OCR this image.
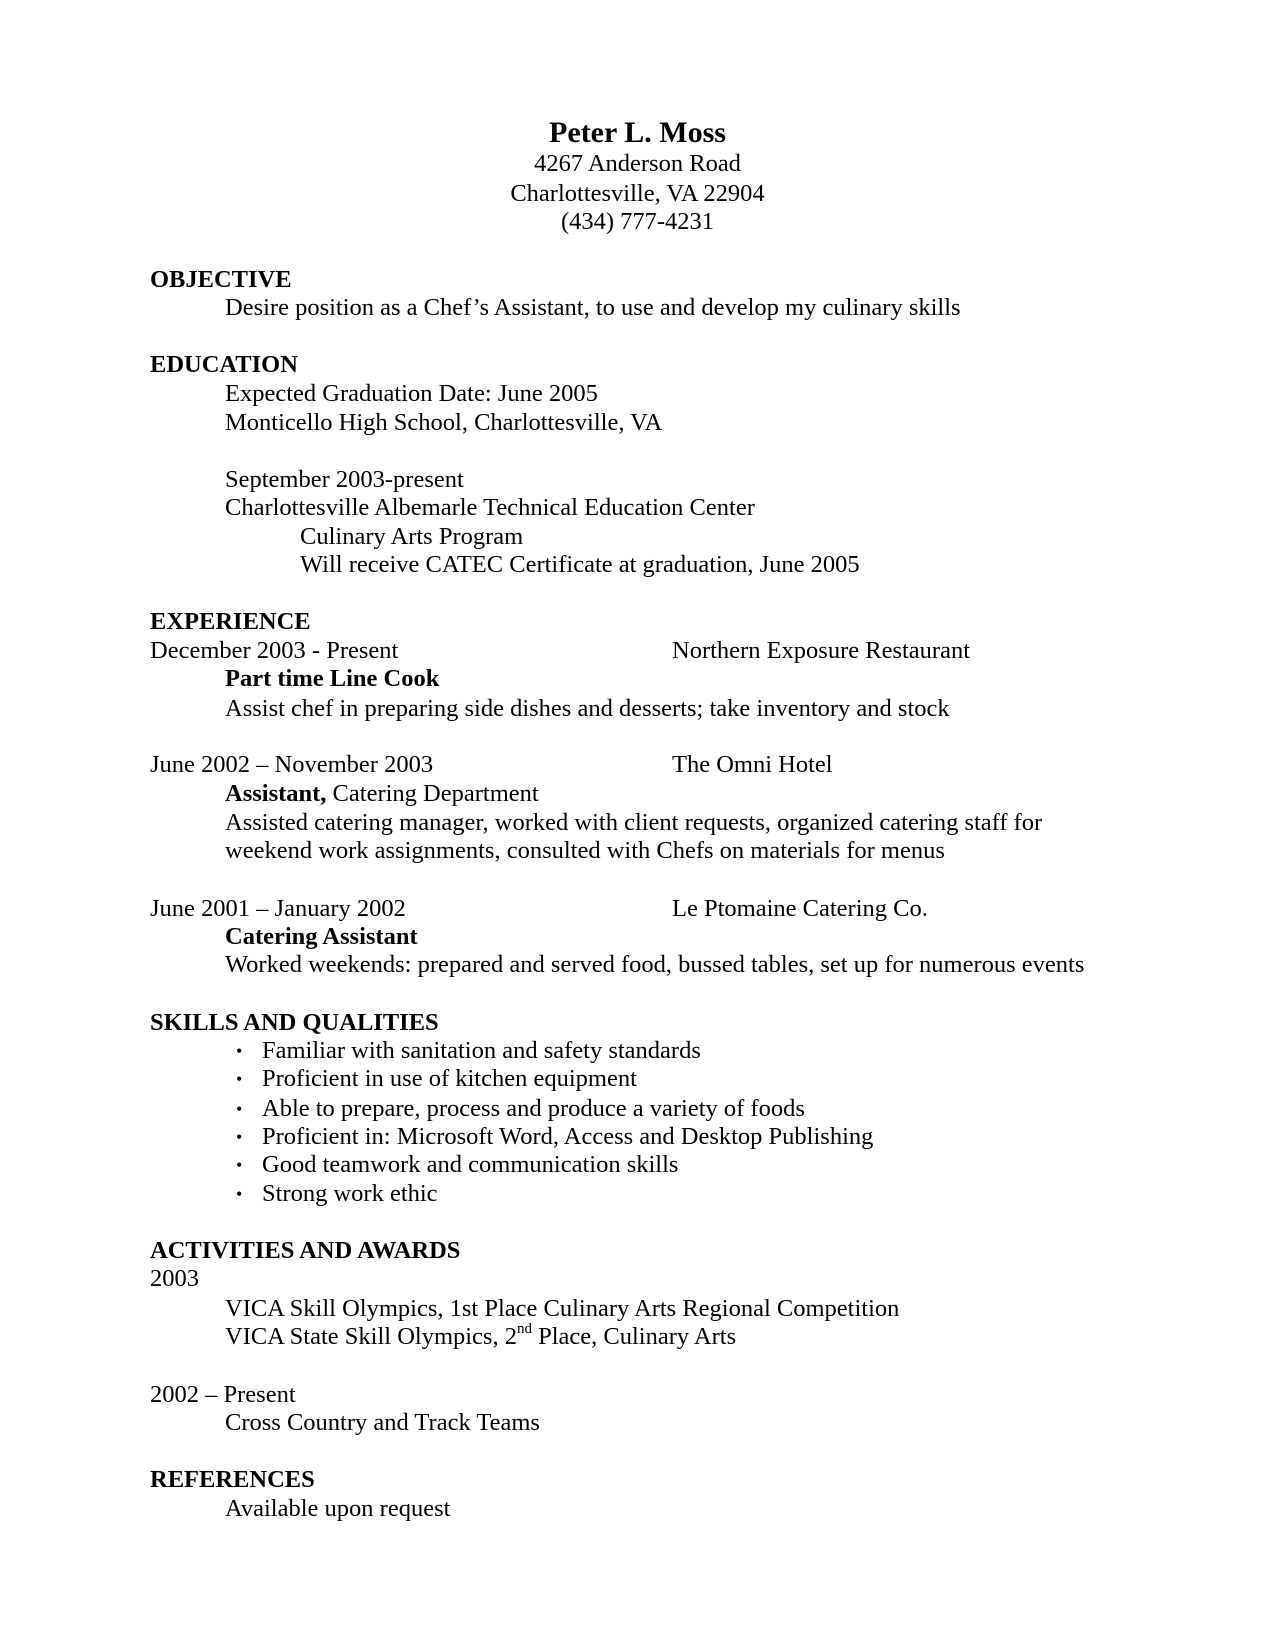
Peter L. Moss
4267 Anderson Road
Charlottesville, VA 22904
(434) 777-4231
OBJECTIVE
Desire position as a Chef’s Assistant, to use and develop my culinary skills
EDUCATION
Expected Graduation Date: June 2005
Monticello High School, Charlottesville, VA
September 2003-present
Charlottesville Albemarle Technical Education Center
Culinary Arts Program
Will receive CATEC Certificate at graduation, June 2005
EXPERIENCE
December 2003 - Present	Northern Exposure Restaurant
Part time Line Cook
Assist chef in preparing side dishes and desserts; take inventory and stock
June 2002 – November 2003	The Omni Hotel
Assistant, Catering Department
Assisted catering manager, worked with client requests, organized catering staff for
weekend work assignments, consulted with Chefs on materials for menus
June 2001 – January 2002	Le Ptomaine Catering Co.
Catering Assistant
Worked weekends: prepared and served food, bussed tables, set up for numerous events
SKILLS AND QUALITIES
• Familiar with sanitation and safety standards
• Proficient in use of kitchen equipment
• Able to prepare, process and produce a variety of foods
• Proficient in: Microsoft Word, Access and Desktop Publishing
• Good teamwork and communication skills
• Strong work ethic
ACTIVITIES AND AWARDS
2003
VICA Skill Olympics, 1st Place Culinary Arts Regional Competition
VICA State Skill Olympics, 2nd Place, Culinary Arts
2002 – Present
Cross Country and Track Teams
REFERENCES
Available upon request
